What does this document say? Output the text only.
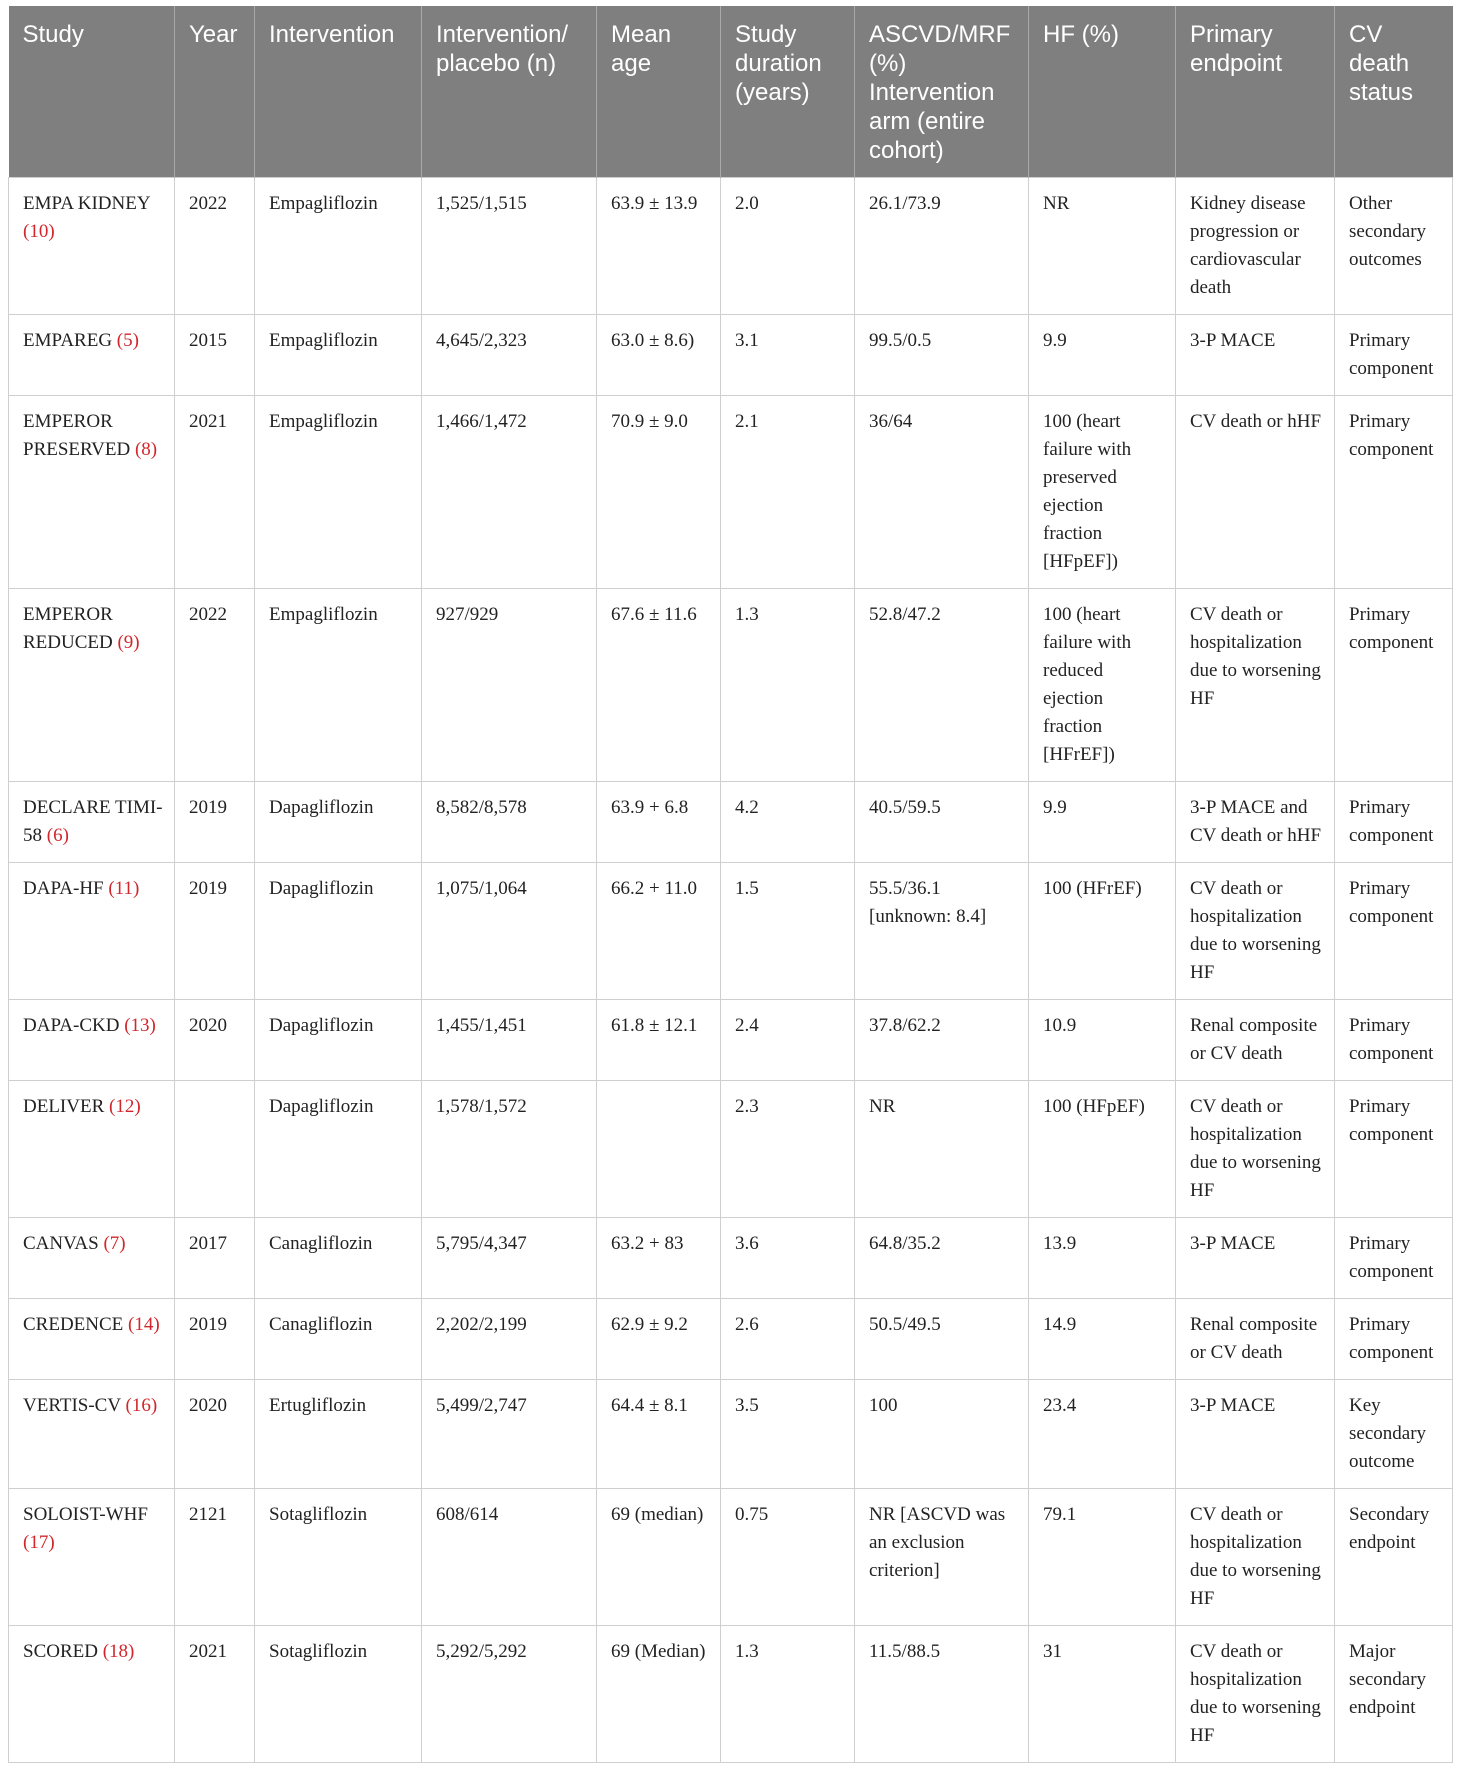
Study	Year	Intervention	Intervention/ placebo (n)	Mean age	Study duration (years)	ASCVD/MRF (%) Intervention arm (entire cohort)	HF (%)	Primary endpoint	CV death status
EMPA KIDNEY (10)	2022	Empagliflozin	1,525/1,515	63.9 ± 13.9	2.0	26.1/73.9	NR	Kidney disease progression or cardiovascular death	Other secondary outcomes
EMPAREG (5)	2015	Empagliflozin	4,645/2,323	63.0 ± 8.6)	3.1	99.5/0.5	9.9	3-P MACE	Primary component
EMPEROR PRESERVED (8)	2021	Empagliflozin	1,466/1,472	70.9 ± 9.0	2.1	36/64	100 (heart failure with preserved ejection fraction [HFpEF])	CV death or hHF	Primary component
EMPEROR REDUCED (9)	2022	Empagliflozin	927/929	67.6 ± 11.6	1.3	52.8/47.2	100 (heart failure with reduced ejection fraction [HFrEF])	CV death or hospitalization due to worsening HF	Primary component
DECLARE TIMI-58 (6)	2019	Dapagliflozin	8,582/8,578	63.9 + 6.8	4.2	40.5/59.5	9.9	3-P MACE and CV death or hHF	Primary component
DAPA-HF (11)	2019	Dapagliflozin	1,075/1,064	66.2 + 11.0	1.5	55.5/36.1 [unknown: 8.4]	100 (HFrEF)	CV death or hospitalization due to worsening HF	Primary component
DAPA-CKD (13)	2020	Dapagliflozin	1,455/1,451	61.8 ± 12.1	2.4	37.8/62.2	10.9	Renal composite or CV death	Primary component
DELIVER (12)		Dapagliflozin	1,578/1,572		2.3	NR	100 (HFpEF)	CV death or hospitalization due to worsening HF	Primary component
CANVAS (7)	2017	Canagliflozin	5,795/4,347	63.2 + 83	3.6	64.8/35.2	13.9	3-P MACE	Primary component
CREDENCE (14)	2019	Canagliflozin	2,202/2,199	62.9 ± 9.2	2.6	50.5/49.5	14.9	Renal composite or CV death	Primary component
VERTIS-CV (16)	2020	Ertugliflozin	5,499/2,747	64.4 ± 8.1	3.5	100	23.4	3-P MACE	Key secondary outcome
SOLOIST-WHF (17)	2121	Sotagliflozin	608/614	69 (median)	0.75	NR [ASCVD was an exclusion criterion]	79.1	CV death or hospitalization due to worsening HF	Secondary endpoint
SCORED (18)	2021	Sotagliflozin	5,292/5,292	69 (Median)	1.3	11.5/88.5	31	CV death or hospitalization due to worsening HF	Major secondary endpoint
